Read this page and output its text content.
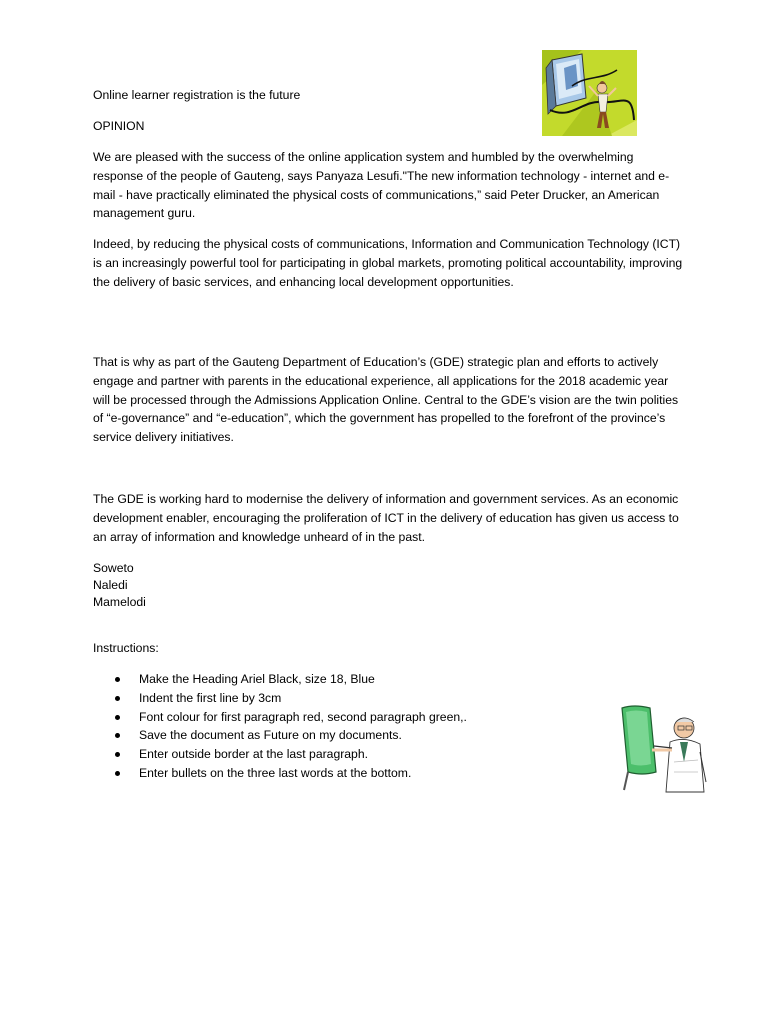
Online learner registration is the future

OPINION

We are pleased with the success of the online application system and humbled by the overwhelming response of the people of Gauteng, says Panyaza Lesufi."The new information technology - internet and e-mail - have practically eliminated the physical costs of communications,” said Peter Drucker, an American management guru.

Indeed, by reducing the physical costs of communications, Information and Communication Technology (ICT) is an increasingly powerful tool for participating in global markets, promoting political accountability, improving the delivery of basic services, and enhancing local development opportunities.

That is why as part of the Gauteng Department of Education’s (GDE) strategic plan and efforts to actively engage and partner with parents in the educational experience, all applications for the 2018 academic year will be processed through the Admissions Application Online. Central to the GDE’s vision are the twin polities of “e-governance” and “e-education”, which the government has propelled to the forefront of the province’s service delivery initiatives.

The GDE is working hard to modernise the delivery of information and government services. As an economic development enabler, encouraging the proliferation of ICT in the delivery of education has given us access to an array of information and knowledge unheard of in the past.

Soweto
Naledi
Mamelodi

Instructions:

Make the Heading Ariel Black, size 18, Blue
Indent the first line by 3cm
Font colour for first paragraph red, second paragraph green,.
Save the document as Future on my documents.
Enter outside border at the last paragraph.
Enter bullets on the three last words at the bottom.
